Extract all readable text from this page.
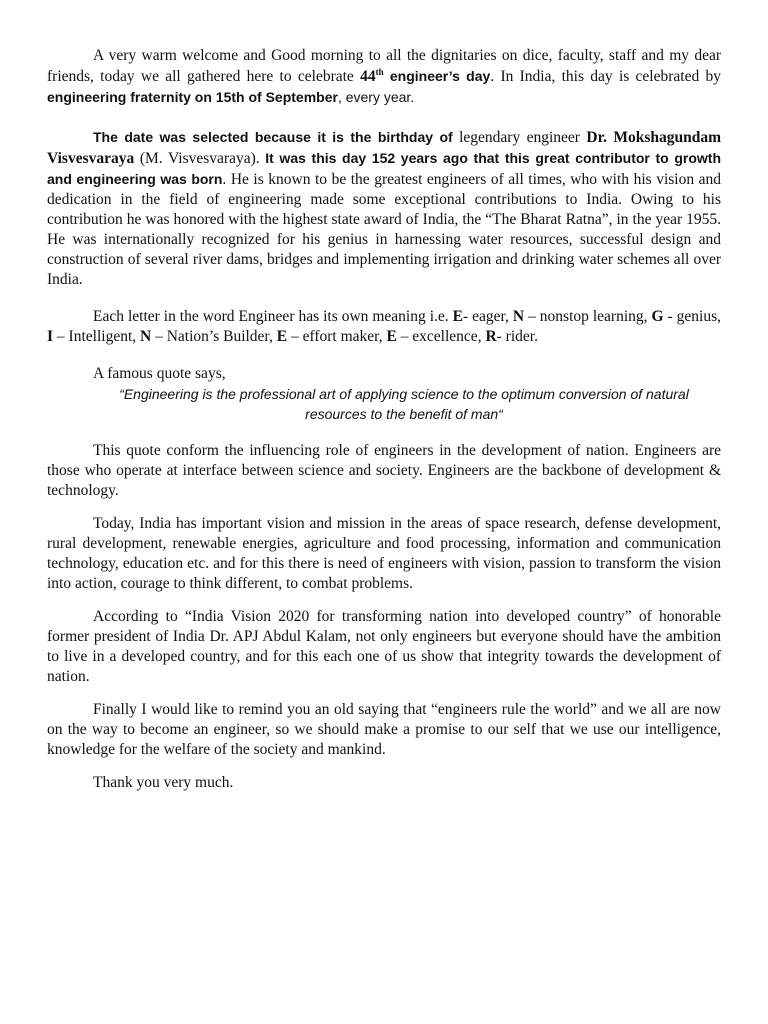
A very warm welcome and Good morning to all the dignitaries on dice, faculty, staff and my dear friends, today we all gathered here to celebrate 44th engineer’s day. In India, this day is celebrated by engineering fraternity on 15th of September, every year.

The date was selected because it is the birthday of legendary engineer Dr. Mokshagundam Visvesvaraya (M. Visvesvaraya). It was this day 152 years ago that this great contributor to growth and engineering was born. He is known to be the greatest engineers of all times, who with his vision and dedication in the field of engineering made some exceptional contributions to India. Owing to his contribution he was honored with the highest state award of India, the “The Bharat Ratna”, in the year 1955. He was internationally recognized for his genius in harnessing water resources, successful design and construction of several river dams, bridges and implementing irrigation and drinking water schemes all over India.

Each letter in the word Engineer has its own meaning i.e. E- eager, N – nonstop learning, G - genius, I – Intelligent, N – Nation’s Builder, E – effort maker, E – excellence, R- rider.

A famous quote says,

“Engineering is the professional art of applying science to the optimum conversion of natural resources to the benefit of man“

This quote conform the influencing role of engineers in the development of nation. Engineers are those who operate at interface between science and society. Engineers are the backbone of development & technology.

Today, India has important vision and mission in the areas of space research, defense development, rural development, renewable energies, agriculture and food processing, information and communication technology, education etc. and for this there is need of engineers with vision, passion to transform the vision into action, courage to think different, to combat problems.

According to “India Vision 2020 for transforming nation into developed country” of honorable former president of India Dr. APJ Abdul Kalam, not only engineers but everyone should have the ambition to live in a developed country, and for this each one of us show that integrity towards the development of nation.

Finally I would like to remind you an old saying that “engineers rule the world” and we all are now on the way to become an engineer, so we should make a promise to our self that we use our intelligence, knowledge for the welfare of the society and mankind.

Thank you very much.
